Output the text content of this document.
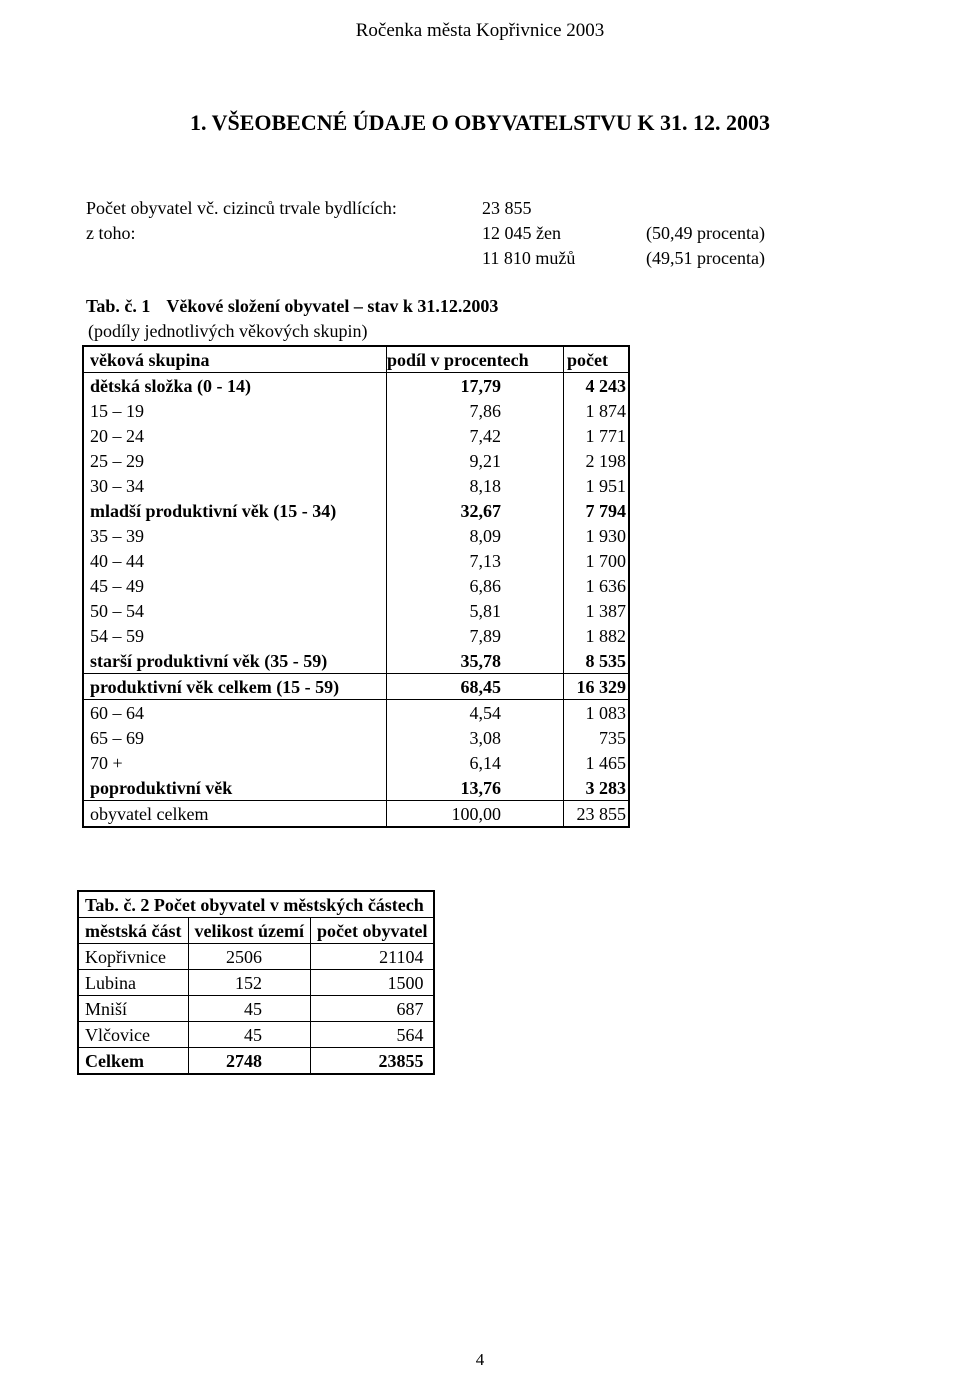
Ročenka města Kopřivnice 2003
1. VŠEOBECNÉ ÚDAJE O OBYVATELSTVU K 31. 12. 2003
Počet obyvatel vč. cizinců trvale bydlících:	23 855
z toho:	12 045 žen	(50,49 procenta)
11 810 mužů	(49,51 procenta)
Tab. č. 1 Věkové složení obyvatel – stav k 31.12.2003
(podíly jednotlivých věkových skupin)
věková skupina	podíl v procentech	počet
dětská složka (0 - 14)	17,79	4 243
15 – 19	7,86	1 874
20 – 24	7,42	1 771
25 – 29	9,21	2 198
30 – 34	8,18	1 951
mladší produktivní věk (15 - 34)	32,67	7 794
35 – 39	8,09	1 930
40 – 44	7,13	1 700
45 – 49	6,86	1 636
50 – 54	5,81	1 387
54 – 59	7,89	1 882
starší produktivní věk (35 - 59)	35,78	8 535
produktivní věk celkem (15 - 59)	68,45	16 329
60 – 64	4,54	1 083
65 – 69	3,08	735
70 +	6,14	1 465
poproduktivní věk	13,76	3 283
obyvatel celkem	100,00	23 855
Tab. č. 2 Počet obyvatel v městských částech		
městská část	velikost území	počet obyvatel
Kopřivnice	2506	21104
Lubina	152	1500
Mniší	45	687
Vlčovice	45	564
Celkem	2748	23855
4
